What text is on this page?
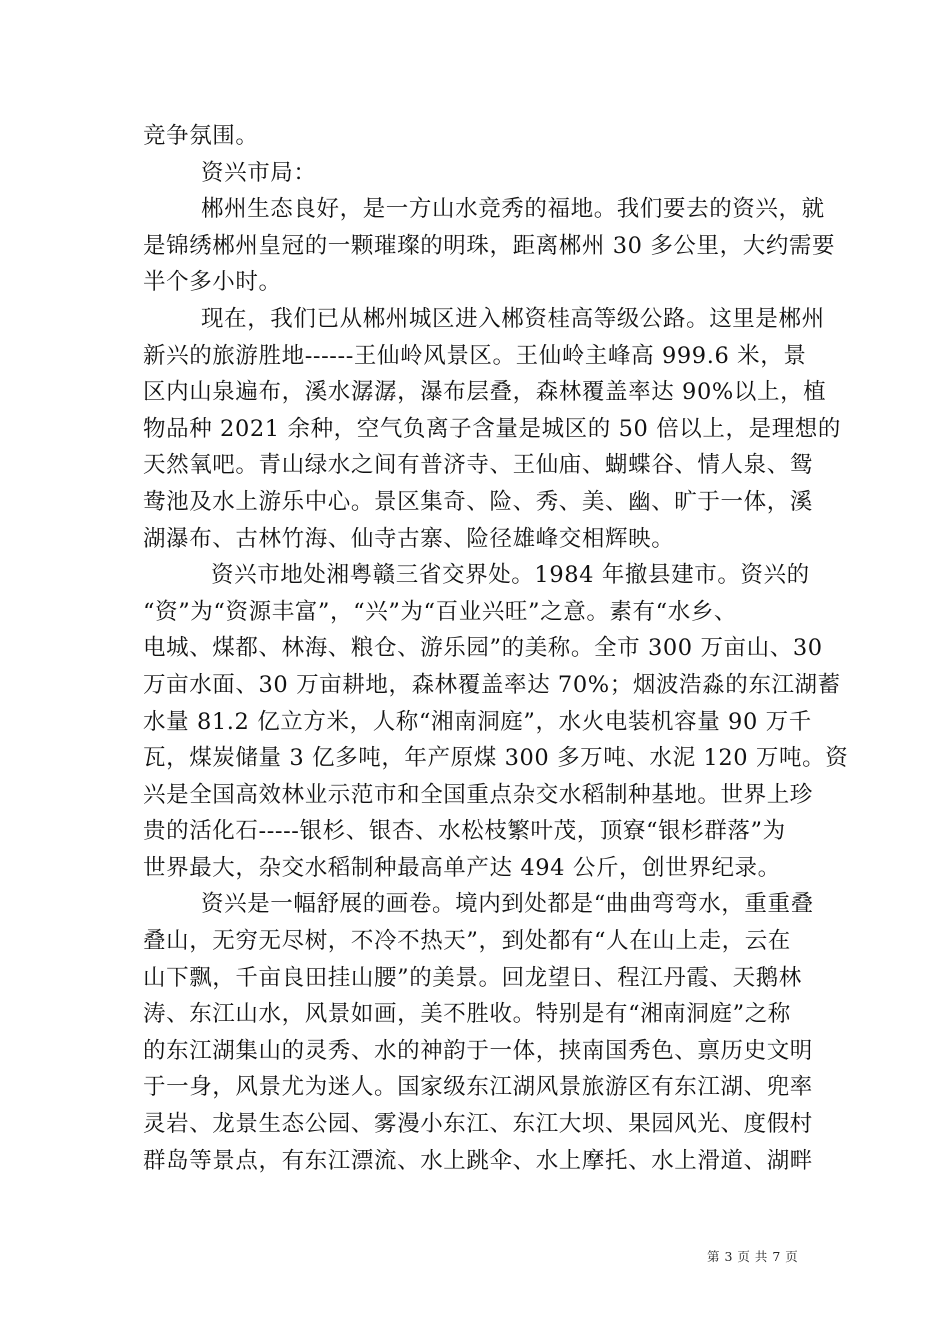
竞争氛围。

资兴市局：

郴州生态良好，是一方山水竞秀的福地。我们要去的资兴，就

是锦绣郴州皇冠的一颗璀璨的明珠，距离郴州 30 多公里，大约需要

半个多小时。

现在，我们已从郴州城区进入郴资桂高等级公路。这里是郴州

新兴的旅游胜地------王仙岭风景区。王仙岭主峰高 999.6 米，景

区内山泉遍布，溪水潺潺，瀑布层叠，森林覆盖率达 90%以上，植

物品种 2021 余种，空气负离子含量是城区的 50 倍以上，是理想的

天然氧吧。青山绿水之间有普济寺、王仙庙、蝴蝶谷、情人泉、鸳

鸯池及水上游乐中心。景区集奇、险、秀、美、幽、旷于一体，溪

湖瀑布、古林竹海、仙寺古寨、险径雄峰交相辉映。

资兴市地处湘粤赣三省交界处。1984 年撤县建市。资兴的

“资”为“资源丰富”，“兴”为“百业兴旺”之意。素有“水乡、

电城、煤都、林海、粮仓、游乐园”的美称。全市 300 万亩山、30

万亩水面、30 万亩耕地，森林覆盖率达 70%；烟波浩淼的东江湖蓄

水量 81.2 亿立方米，人称“湘南洞庭”，水火电装机容量 90 万千

瓦，煤炭储量 3 亿多吨，年产原煤 300 多万吨、水泥 120 万吨。资

兴是全国高效林业示范市和全国重点杂交水稻制种基地。世界上珍

贵的活化石-----银杉、银杏、水松枝繁叶茂，顶寮“银杉群落”为

世界最大，杂交水稻制种最高单产达 494 公斤，创世界纪录。

资兴是一幅舒展的画卷。境内到处都是“曲曲弯弯水，重重叠

叠山，无穷无尽树，不冷不热天”，到处都有“人在山上走，云在

山下飘，千亩良田挂山腰”的美景。回龙望日、程江丹霞、天鹅林

涛、东江山水，风景如画，美不胜收。特别是有“湘南洞庭”之称

的东江湖集山的灵秀、水的神韵于一体，挟南国秀色、禀历史文明

于一身，风景尤为迷人。国家级东江湖风景旅游区有东江湖、兜率

灵岩、龙景生态公园、雾漫小东江、东江大坝、果园风光、度假村

群岛等景点，有东江漂流、水上跳伞、水上摩托、水上滑道、湖畔

第 3 页 共 7 页
